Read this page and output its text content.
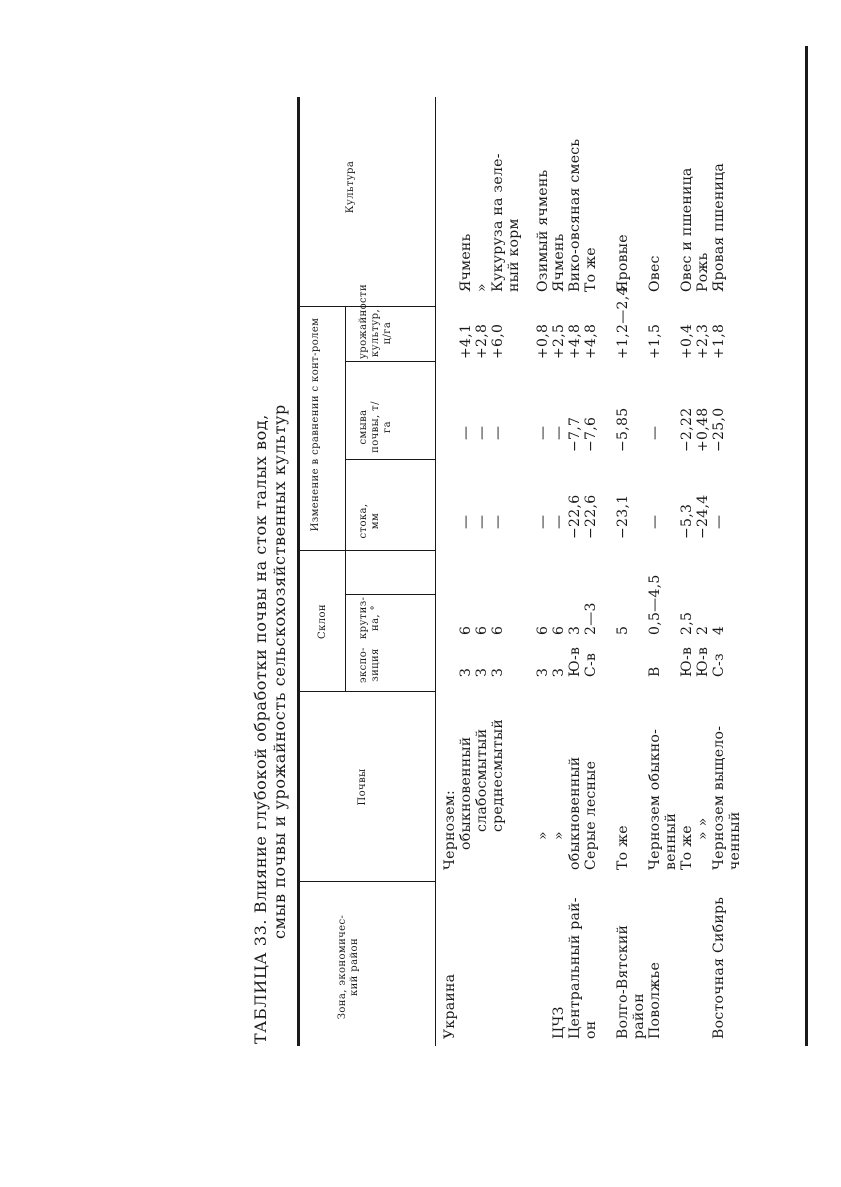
ТАБЛИЦА 33. Влияние глубокой обработки почвы на сток талых вод, смыв почвы и урожайность сельскохозяйственных культур
Зона, экономичес-кий район
Почвы
Склон
экспо-зиция
крутиз-на, °
Изменение в сравнении с конт-ролем	стока, мм
смыва почвы, т/га
урожайности культур, ц/га
Культура
Украина
Чернозем: обыкновенный
З
6
—
—
+4,1
Ячмень
слабосмытый
З
6
—
—
+2,8
»
среднесмытый
З
6
—
—
+6,0
Кукуруза на зеле- ный корм
»
З
6
—
—
+0,8
Озимый ячмень
ЦЧЗ
»
З
6
—
—
+2,5
Ячмень
Центральный рай-
обыкновенный
Ю-в
3
−22,6
−7,7
+4,8
Вико-овсяная смесь
он
Серые лесные
С-в
2—3
−22,6
−7,6
+4,8
То же
Волго-Вятский
То же
5
−23,1
−5,85
+1,2—2,4
Яровые
район Поволжье
Чернозем обыкно-
В
0,5—4,5
—
—
+1,5
Овес
венный То же
Ю-в
2,5
−5,3
−2,22
+0,4
Овес и пшеница
» »
Ю-в
2
−24,4
+0,48
+2,3
Рожь
Восточная Сибирь
Чернозем выщело-
С-з
4
—
−25,0
+1,8
Яровая пшеница
ченный
